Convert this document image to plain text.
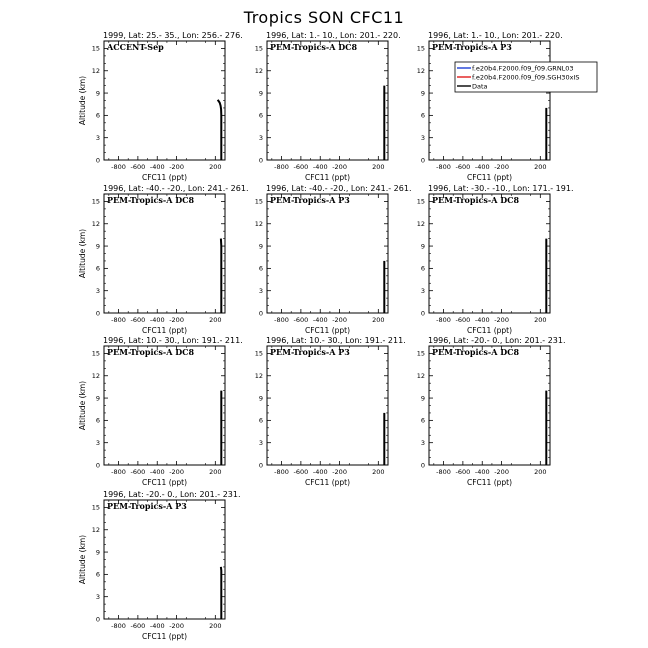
Tropics SON CFC11
1999, Lat: 25.- 35., Lon: 256.- 276.
ACCENT-Sep
0
3
6
9
12
15
-800 -600 -400 -200	200
CFC11 (ppt)
Altitude (km)
1996, Lat: 1.- 10., Lon: 201.- 220.
PEM-Tropics-A DC8
0
3
6
9
12
15
-800 -600 -400 -200	200
CFC11 (ppt)
1996, Lat: 1.- 10., Lon: 201.- 220.
PEM-Tropics-A P3
0
3
6
9
12
15
-800 -600 -400 -200	200
CFC11 (ppt)
1996, Lat: -40.- -20., Lon: 241.- 261.
PEM-Tropics-A DC8
0
3
6
9
12
15
-800 -600 -400 -200	200
CFC11 (ppt)
Altitude (km)
1996, Lat: -40.- -20., Lon: 241.- 261.
PEM-Tropics-A P3
0
3
6
9
12
15
-800 -600 -400 -200	200
CFC11 (ppt)
1996, Lat: -30.- -10., Lon: 171.- 191.
PEM-Tropics-A DC8
0
3
6
9
12
15
-800 -600 -400 -200	200
CFC11 (ppt)
1996, Lat: 10.- 30., Lon: 191.- 211.
PEM-Tropics-A DC8
0
3
6
9
12
15
-800 -600 -400 -200	200
CFC11 (ppt)
Altitude (km)
1996, Lat: 10.- 30., Lon: 191.- 211.
PEM-Tropics-A P3
0
3
6
9
12
15
-800 -600 -400 -200	200
CFC11 (ppt)
1996, Lat: -20.- 0., Lon: 201.- 231.
PEM-Tropics-A DC8
0
3
6
9
12
15
-800 -600 -400 -200	200
CFC11 (ppt)
1996, Lat: -20.- 0., Lon: 201.- 231.
PEM-Tropics-A P3
0
3
6
9
12
15
-800 -600 -400 -200	200
CFC11 (ppt)
Altitude (km)
f.e20b4.F2000.f09_f09.GRNL03
f.e20b4.F2000.f09_f09.SGH30xIS
Data
